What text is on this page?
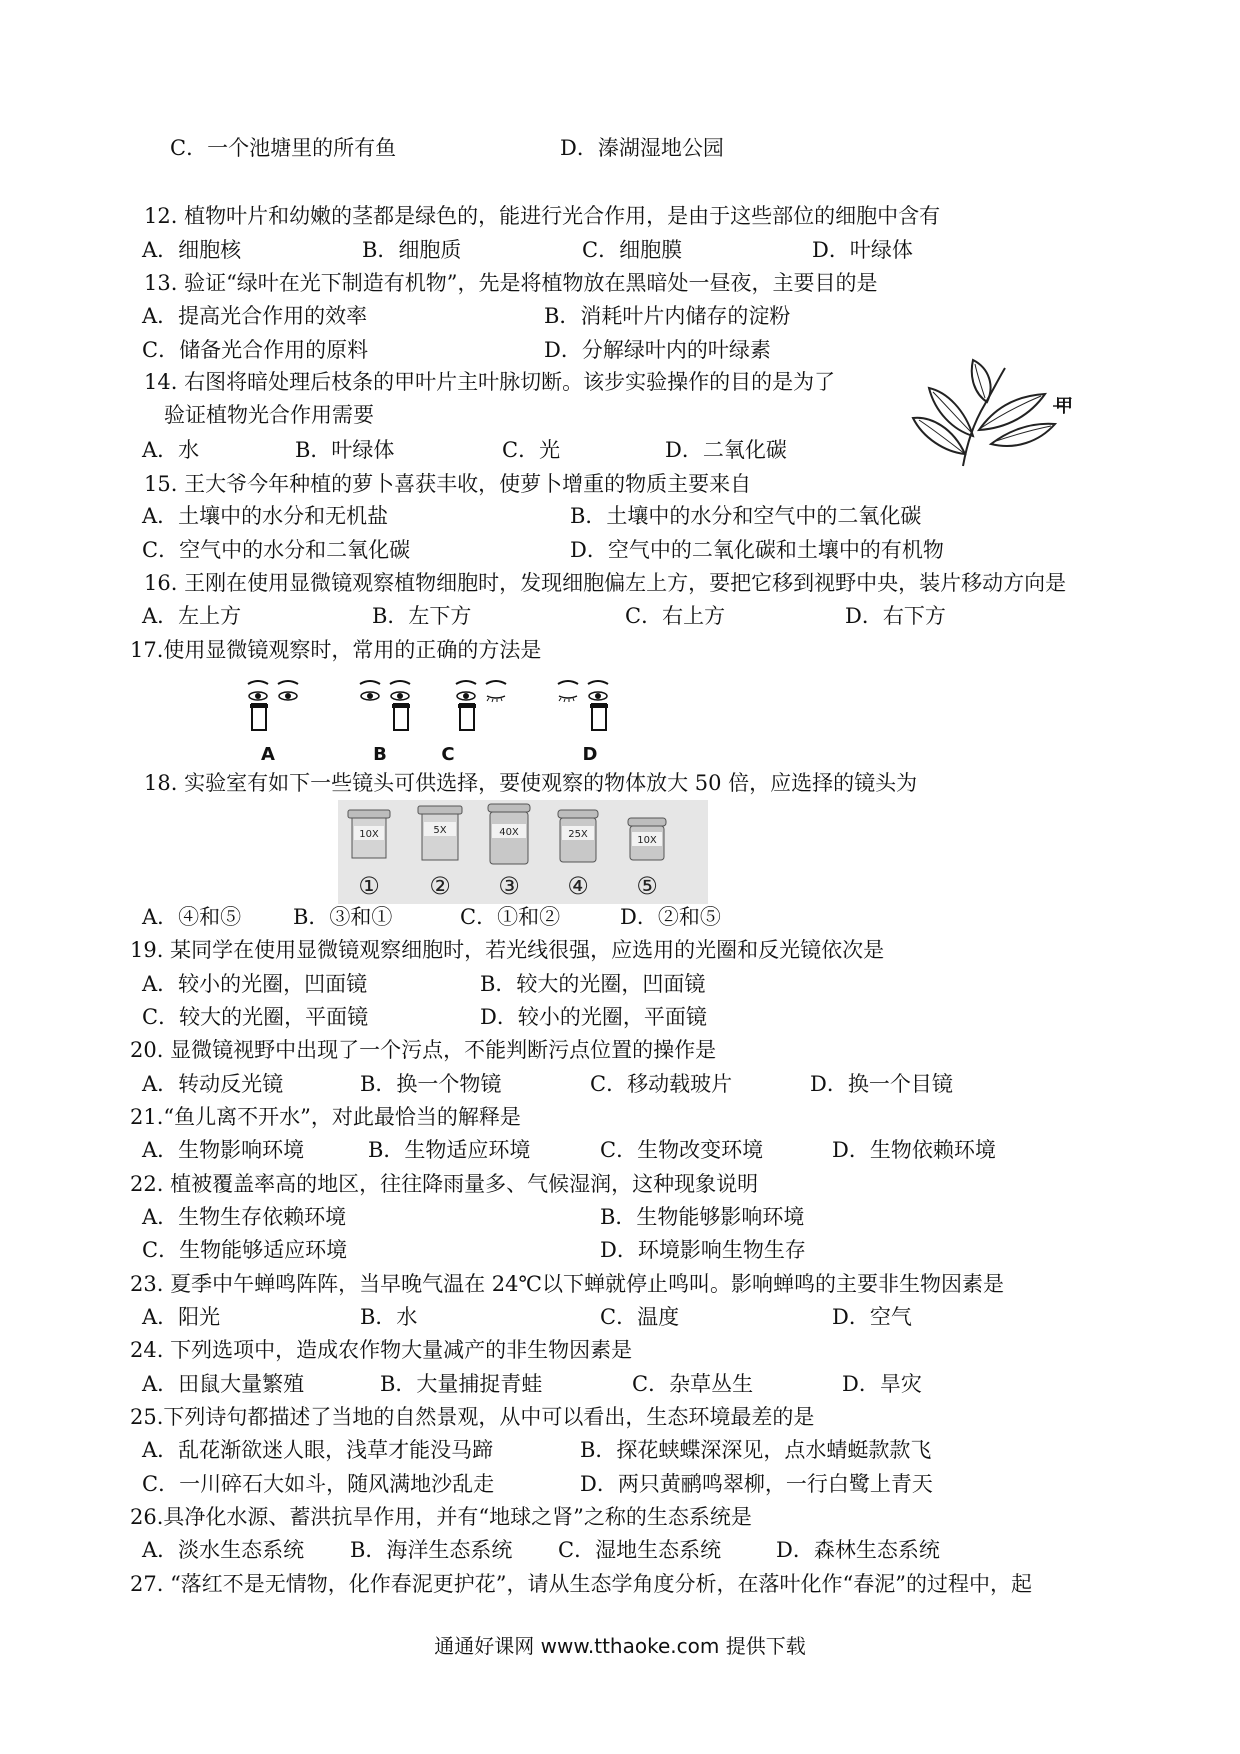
C．一个池塘里的所有鱼	D．溱湖湿地公园
12. 植物叶片和幼嫩的茎都是绿色的，能进行光合作用，是由于这些部位的细胞中含有
A．细胞核	B．细胞质	C．细胞膜	D．叶绿体
13. 验证“绿叶在光下制造有机物”，先是将植物放在黑暗处一昼夜，主要目的是
A．提高光合作用的效率	B．消耗叶片内储存的淀粉
C．储备光合作用的原料	D．分解绿叶内的叶绿素
14. 右图将暗处理后枝条的甲叶片主叶脉切断。该步实验操作的目的是为了
验证植物光合作用需要
A．水	B．叶绿体	C．光	D．二氧化碳
甲
15. 王大爷今年种植的萝卜喜获丰收，使萝卜增重的物质主要来自
A．土壤中的水分和无机盐	B．土壤中的水分和空气中的二氧化碳
C．空气中的水分和二氧化碳	D．空气中的二氧化碳和土壤中的有机物
16. 王刚在使用显微镜观察植物细胞时，发现细胞偏左上方，要把它移到视野中央，装片移动方向是
A．左上方	B．左下方	C．右上方	D．右下方
17.使用显微镜观察时，常用的正确的方法是
A	B	C	D
18. 实验室有如下一些镜头可供选择，要使观察的物体放大 50 倍，应选择的镜头为
10X
①
5X
②
40X
③
25X
④
10X
⑤
A．④和⑤ B．③和①	C．①和②	D．②和⑤
19. 某同学在使用显微镜观察细胞时，若光线很强，应选用的光圈和反光镜依次是
A．较小的光圈，凹面镜	B．较大的光圈，凹面镜
C．较大的光圈，平面镜	D．较小的光圈，平面镜
20. 显微镜视野中出现了一个污点，不能判断污点位置的操作是
A．转动反光镜	B．换一个物镜	C．移动载玻片	D．换一个目镜
21.“鱼儿离不开水”，对此最恰当的解释是
A．生物影响环境	B．生物适应环境	C．生物改变环境	D．生物依赖环境
22. 植被覆盖率高的地区，往往降雨量多、气候湿润，这种现象说明
A．生物生存依赖环境	B．生物能够影响环境
C．生物能够适应环境	D．环境影响生物生存
23. 夏季中午蝉鸣阵阵，当早晚气温在 24℃以下蝉就停止鸣叫。影响蝉鸣的主要非生物因素是
A．阳光	B．水	C．温度	D．空气
24. 下列选项中，造成农作物大量减产的非生物因素是
A．田鼠大量繁殖	B．大量捕捉青蛙	C．杂草丛生	D．旱灾
25.下列诗句都描述了当地的自然景观，从中可以看出，生态环境最差的是
A．乱花渐欲迷人眼，浅草才能没马蹄	B．探花蛱蝶深深见，点水蜻蜓款款飞
C．一川碎石大如斗，随风满地沙乱走	D．两只黄鹂鸣翠柳，一行白鹭上青天
26.具净化水源、蓄洪抗旱作用，并有“地球之肾”之称的生态系统是
A．淡水生态系统 B．海洋生态系统 C．湿地生态系统	D．森林生态系统
27. “落红不是无情物，化作春泥更护花”，请从生态学角度分析，在落叶化作“春泥”的过程中，起
通通好课网 www.tthaoke.com 提供下载
